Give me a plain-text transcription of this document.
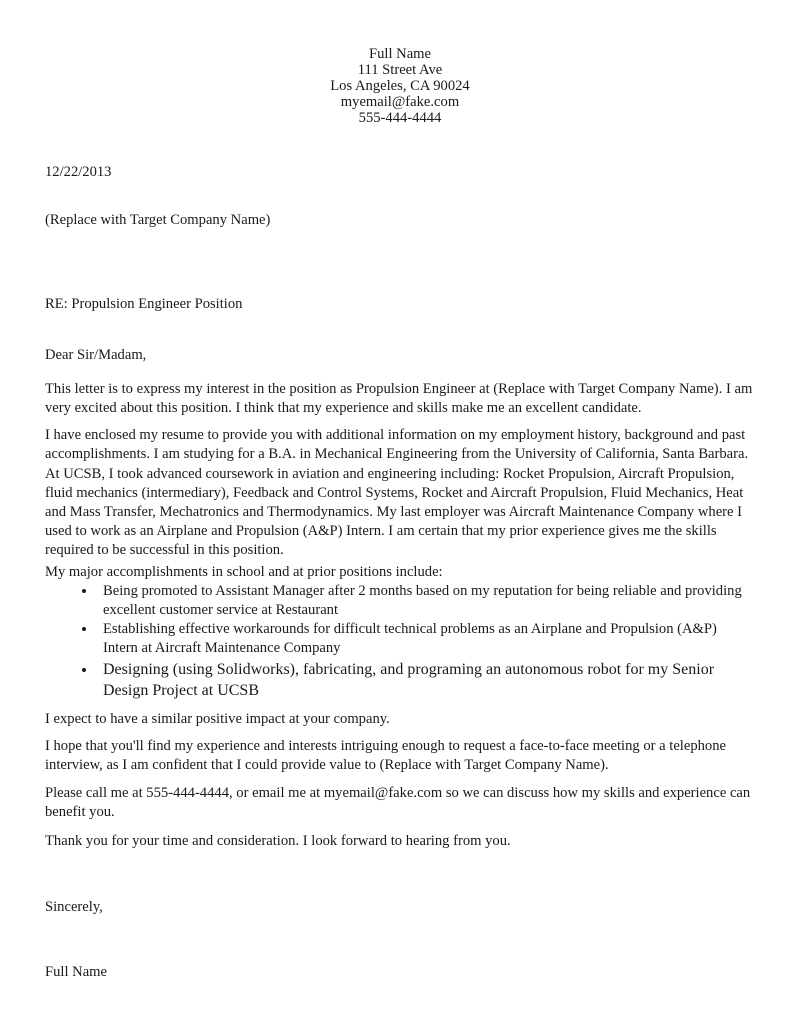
Full Name
111 Street Ave
Los Angeles, CA 90024
myemail@fake.com
555-444-4444

12/22/2013

(Replace with Target Company Name)

RE: Propulsion Engineer Position

Dear Sir/Madam,

This letter is to express my interest in the position as Propulsion Engineer at (Replace with Target Company Name). I am very excited about this position. I think that my experience and skills make me an excellent candidate.

I have enclosed my resume to provide you with additional information on my employment history, background and past accomplishments. I am studying for a B.A. in Mechanical Engineering from the University of California, Santa Barbara. At UCSB, I took advanced coursework in aviation and engineering including: Rocket Propulsion, Aircraft Propulsion, fluid mechanics (intermediary), Feedback and Control Systems, Rocket and Aircraft Propulsion, Fluid Mechanics, Heat and Mass Transfer, Mechatronics and Thermodynamics. My last employer was Aircraft Maintenance Company where I used to work as an Airplane and Propulsion (A&P) Intern. I am certain that my prior experience gives me the skills required to be successful in this position.

My major accomplishments in school and at prior positions include:

• Being promoted to Assistant Manager after 2 months based on my reputation for being reliable and providing excellent customer service at Restaurant
• Establishing effective workarounds for difficult technical problems as an Airplane and Propulsion (A&P) Intern at Aircraft Maintenance Company
• Designing (using Solidworks), fabricating, and programing an autonomous robot for my Senior Design Project at UCSB

I expect to have a similar positive impact at your company.

I hope that you'll find my experience and interests intriguing enough to request a face-to-face meeting or a telephone interview, as I am confident that I could provide value to (Replace with Target Company Name).

Please call me at 555-444-4444, or email me at myemail@fake.com so we can discuss how my skills and experience can benefit you.

Thank you for your time and consideration. I look forward to hearing from you.

Sincerely,

Full Name
